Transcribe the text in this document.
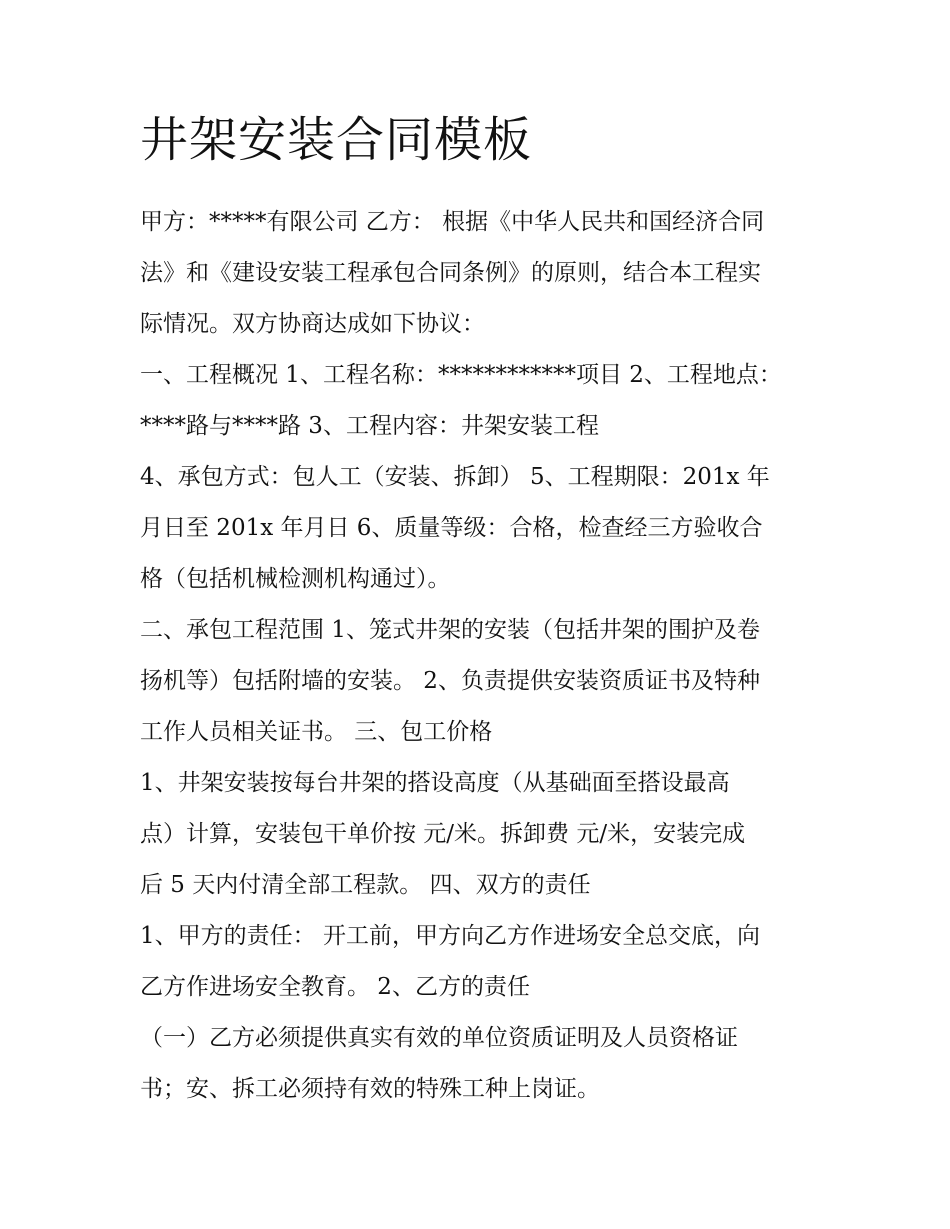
井架安装合同模板
甲方：*****有限公司 乙方： 根据《中华人民共和国经济合同
法》和《建设安装工程承包合同条例》的原则，结合本工程实
际情况。双方协商达成如下协议：
一、工程概况 1、工程名称：************项目 2、工程地点：
****路与****路 3、工程内容：井架安装工程
4、承包方式：包人工（安装、拆卸） 5、工程期限：201x 年
月日至 201x 年月日 6、质量等级：合格，检查经三方验收合
格（包括机械检测机构通过）。
二、承包工程范围 1、笼式井架的安装（包括井架的围护及卷
扬机等）包括附墙的安装。 2、负责提供安装资质证书及特种
工作人员相关证书。 三、包工价格
1、井架安装按每台井架的搭设高度（从基础面至搭设最高
点）计算，安装包干单价按 元/米。拆卸费 元/米，安装完成
后 5 天内付清全部工程款。 四、双方的责任
1、甲方的责任： 开工前，甲方向乙方作进场安全总交底，向
乙方作进场安全教育。 2、乙方的责任
（一）乙方必须提供真实有效的单位资质证明及人员资格证
书；安、拆工必须持有效的特殊工种上岗证。
